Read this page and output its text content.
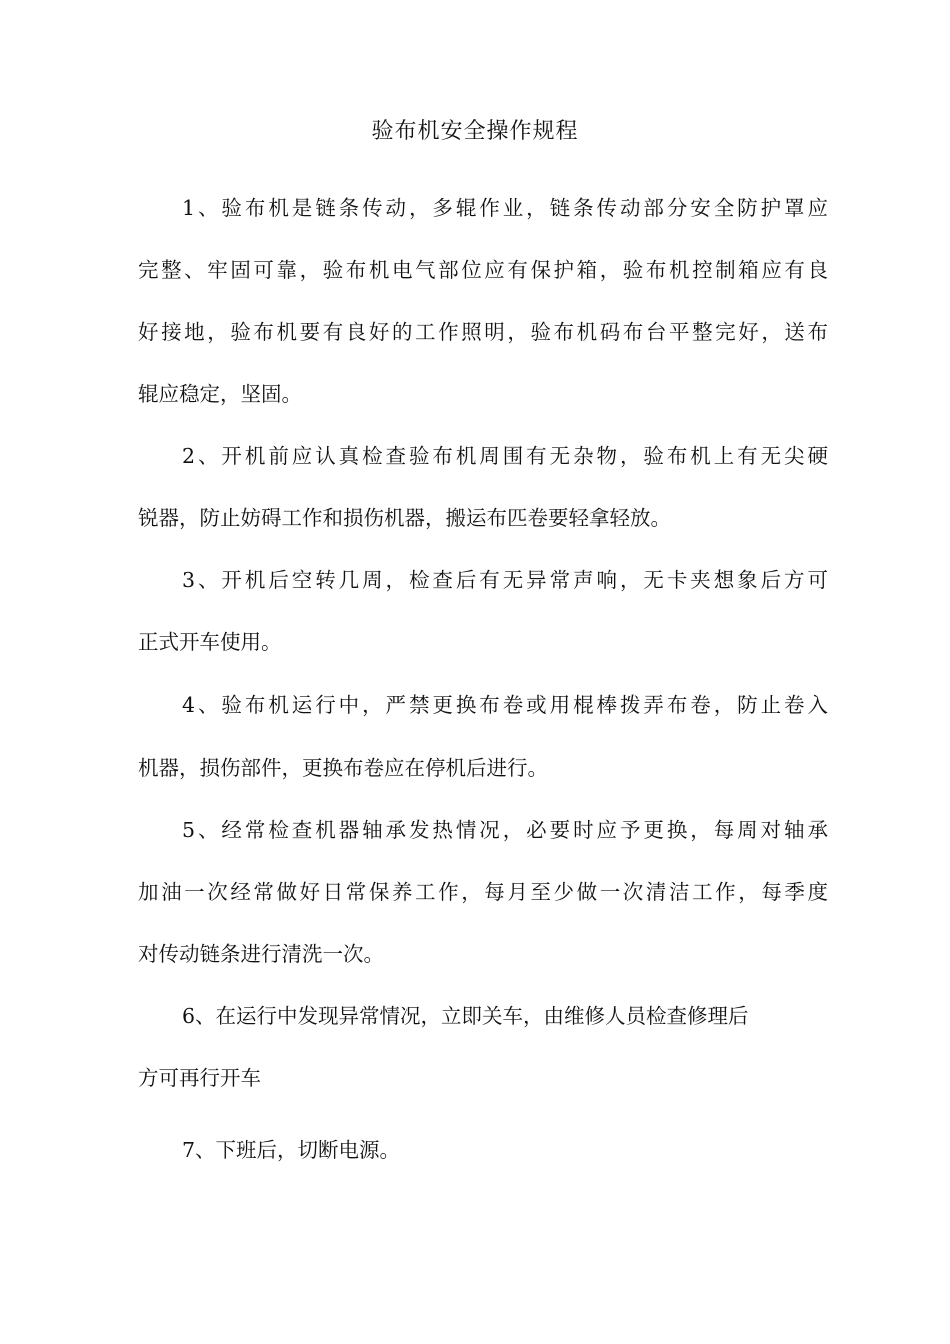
验布机安全操作规程
1、验布机是链条传动，多辊作业，链条传动部分安全防护罩应
完整、牢固可靠，验布机电气部位应有保护箱，验布机控制箱应有良
好接地，验布机要有良好的工作照明，验布机码布台平整完好，送布
辊应稳定，坚固。
2、开机前应认真检查验布机周围有无杂物，验布机上有无尖硬
锐器，防止妨碍工作和损伤机器，搬运布匹卷要轻拿轻放。
3、开机后空转几周，检查后有无异常声响，无卡夹想象后方可
正式开车使用。
4、验布机运行中，严禁更换布卷或用棍棒拨弄布卷，防止卷入
机器，损伤部件，更换布卷应在停机后进行。
5、经常检查机器轴承发热情况，必要时应予更换，每周对轴承
加油一次经常做好日常保养工作，每月至少做一次清洁工作，每季度
对传动链条进行清洗一次。
6、在运行中发现异常情况，立即关车，由维修人员检查修理后
方可再行开车
7、下班后，切断电源。
